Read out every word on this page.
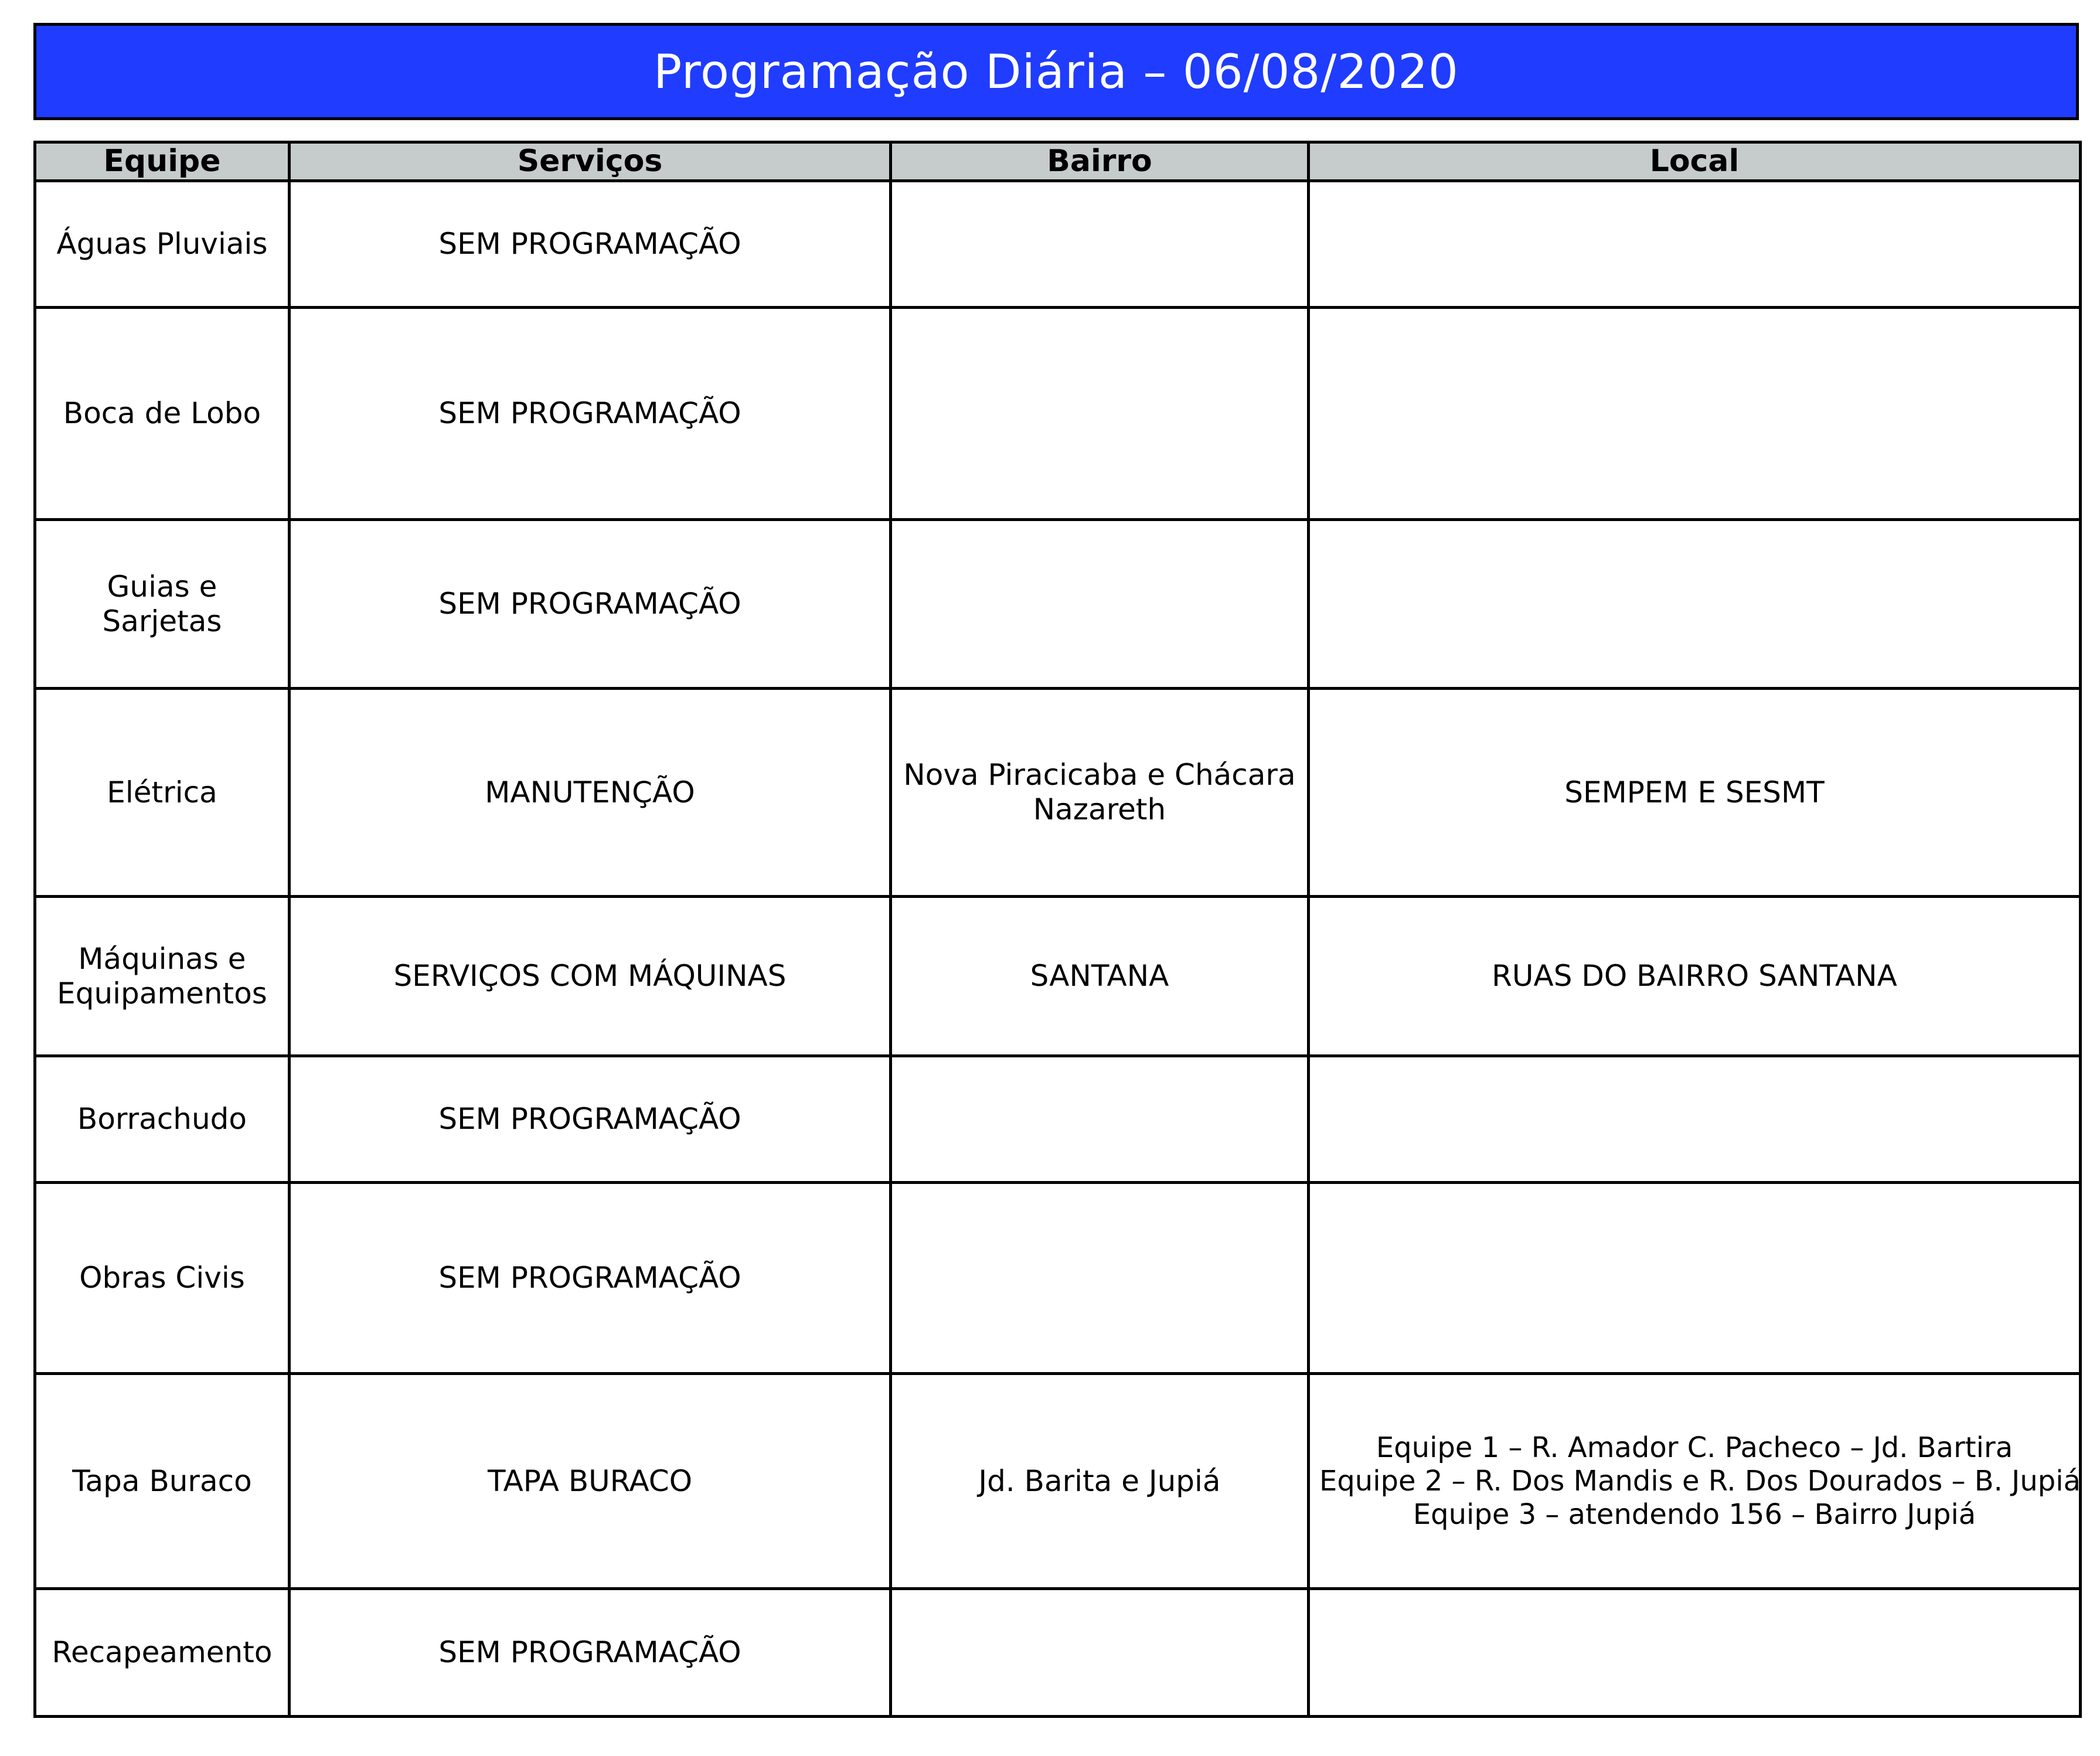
Programação Diária – 06/08/2020
Equipe	Serviços	Bairro	Local

Águas Pluviais	SEM PROGRAMAÇÃO		

Boca de Lobo	SEM PROGRAMAÇÃO		

Guias e Sarjetas	SEM PROGRAMAÇÃO		

Elétrica	MANUTENÇÃO	Nova Piracicaba e Chácara Nazareth	SEMPEM E SESMT

Máquinas e Equipamentos	SERVIÇOS COM MÁQUINAS	SANTANA	RUAS DO BAIRRO SANTANA

Borrachudo	SEM PROGRAMAÇÃO		

Obras Civis	SEM PROGRAMAÇÃO		

Tapa Buraco	TAPA BURACO	Jd. Barita e Jupiá	Equipe 1 – R. Amador C. Pacheco – Jd. Bartira
Equipe 2 – R. Dos Mandis e R. Dos Dourados – B. Jupiá
Equipe 3 – atendendo 156 – Bairro Jupiá

Recapeamento	SEM PROGRAMAÇÃO		
